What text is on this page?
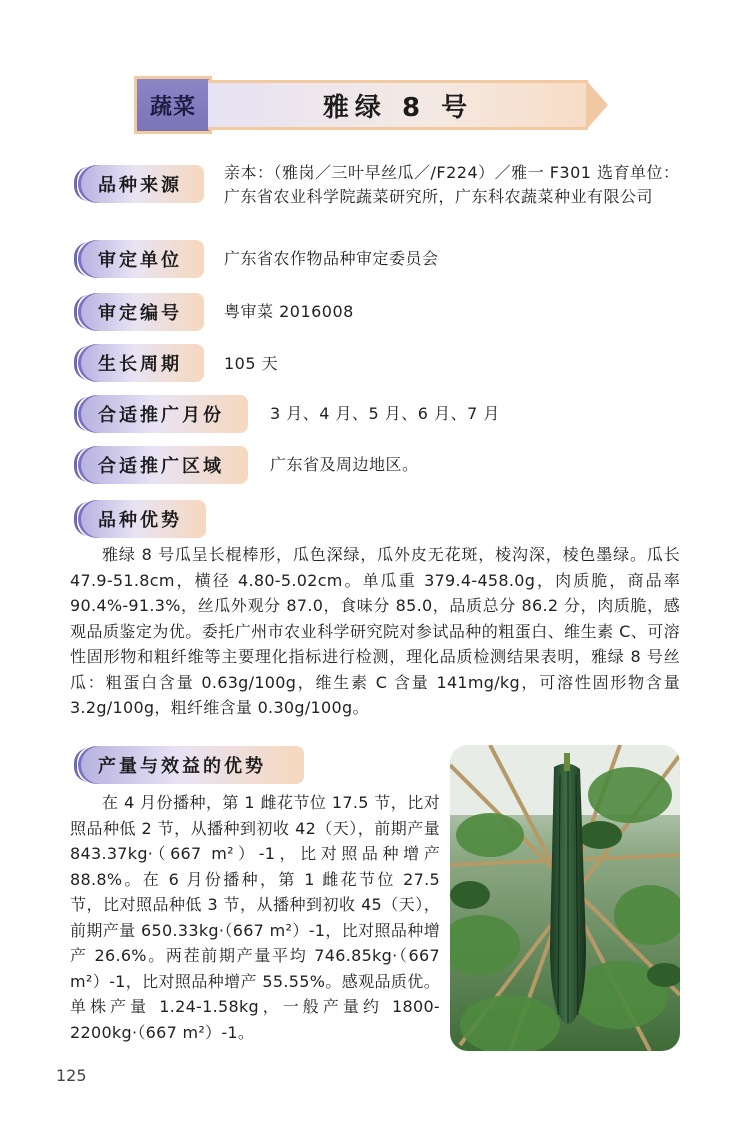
蔬菜	雅绿 8 号
品种来源
亲本：（雅岗／三叶早丝瓜／/F224）／雅一 F301 选育单位：广东省农业科学院蔬菜研究所，广东科农蔬菜种业有限公司
审定单位	广东省农作物品种审定委员会
审定编号	粤审菜 2016008
生长周期	105 天
合适推广月份	3 月、4 月、5 月、6 月、7 月
合适推广区域	广东省及周边地区。
品种优势
雅绿 8 号瓜呈长棍棒形，瓜色深绿，瓜外皮无花斑，棱沟深，棱色墨绿。瓜长 47.9-51.8cm，横径 4.80-5.02cm。单瓜重 379.4-458.0g，肉质脆，商品率 90.4%-91.3%，丝瓜外观分 87.0，食味分 85.0，品质总分 86.2 分，肉质脆，感观品质鉴定为优。委托广州市农业科学研究院对参试品种的粗蛋白、维生素 C、可溶性固形物和粗纤维等主要理化指标进行检测，理化品质检测结果表明，雅绿 8 号丝瓜：粗蛋白含量 0.63g/100g，维生素 C 含量 141mg/kg，可溶性固形物含量 3.2g/100g，粗纤维含量 0.30g/100g。
产量与效益的优势
在 4 月份播种，第 1 雌花节位 17.5 节，比对照品种低 2 节，从播种到初收 42（天），前期产量 843.37kg·（667 m²）-1，比对照品种增产 88.8%。在 6 月份播种，第 1 雌花节位 27.5 节，比对照品种低 3 节，从播种到初收 45（天），前期产量 650.33kg·（667 m²）-1，比对照品种增产 26.6%。两茬前期产量平均 746.85kg·（667 m²）-1，比对照品种增产 55.55%。感观品质优。单株产量 1.24-1.58kg，一般产量约 1800-2200kg·（667 m²）-1。
125
